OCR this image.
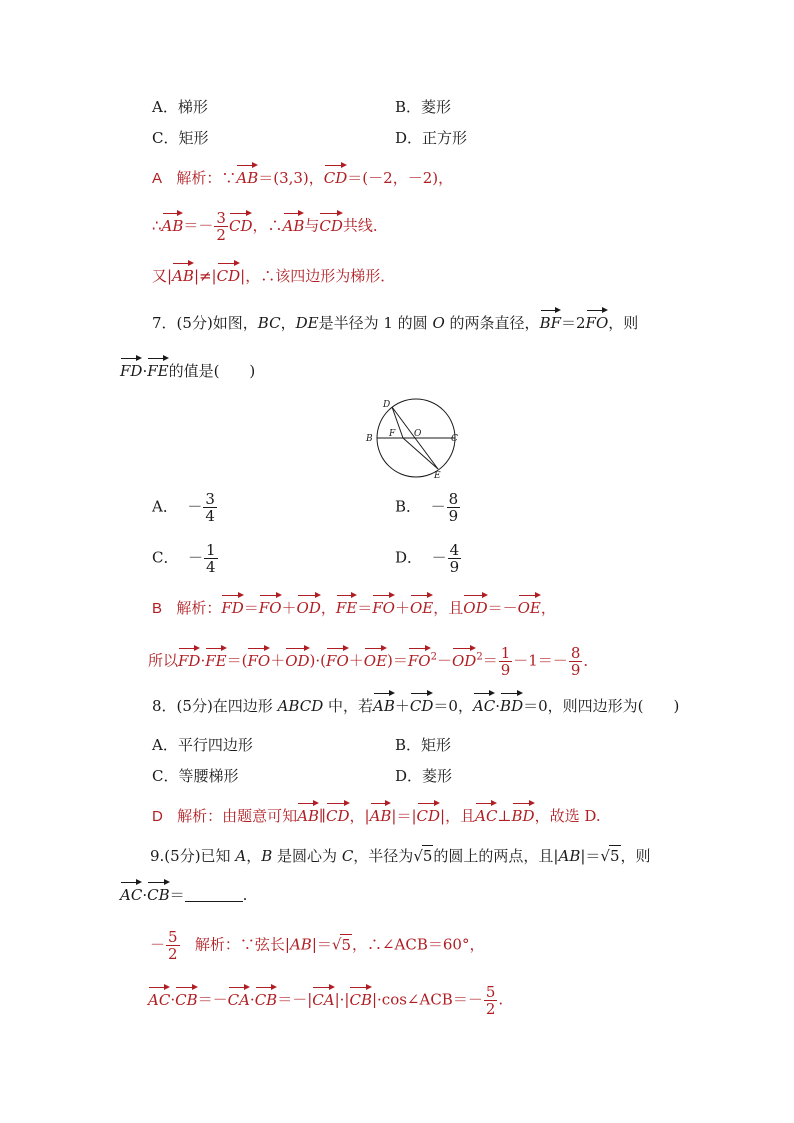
A．梯形	B．菱形
C．矩形	D．正方形
A 解析：∵AB＝(3,3)，CD＝(－2，－2)，
∴AB＝－ $\frac{3}{2}$ CD，∴AB与CD共线．
又|AB|≠|CD|，∴该四边形为梯形．
7．(5分)如图，BC，DE是半径为 1 的圆 O 的两条直径，BF＝2FO，则
FD·FE的值是(　　)
D
B F O	C
E
A． － $\frac{3}{4}$	B． － $\frac{8}{9}$
C． － $\frac{1}{4}$	D． － $\frac{4}{9}$
B 解析：FD＝FO＋OD，FE＝FO＋OE，且OD＝－OE，
所以$FD\cdot FE=(FO+OD)\cdot(FO+OE)=FO^2-OD^2= \frac{1}{9} -1=- \frac{8}{9}$ ．
8．(5分)在四边形 ABCD 中，若AB＋CD＝0，AC·BD＝0，则四边形为(　　)
A．平行四边形	B．矩形
C．等腰梯形	D．菱形
D 解析：由题意可知AB∥CD，|AB|＝|CD|，且AC⊥BD，故选 D.
9.(5分)已知 A，B 是圆心为 C，半径为√5的圆上的两点，且|AB|＝√5，则
AC·CB＝	.
－ $\frac{5}{2}$ 解析：∵弦长|AB|＝√5，∴∠ACB＝60°，
AC·CB＝－CA·CB＝－|CA|·|CB|·cos∠ACB＝－ $\frac{5}{2}$ .
